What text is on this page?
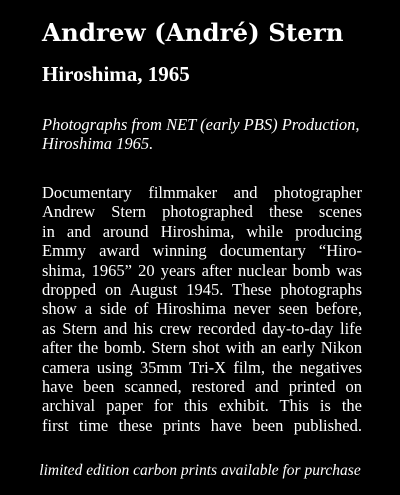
Andrew (André) Stern
Hiroshima, 1965

Photographs from NET (early PBS) Production,
Hiroshima 1965.

Documentary filmmaker and photographer
Andrew Stern photographed these scenes
in and around Hiroshima, while producing
Emmy award winning documentary “Hiro-
shima, 1965” 20 years after nuclear bomb was
dropped on August 1945. These photographs
show a side of Hiroshima never seen before,
as Stern and his crew recorded day-to-day life
after the bomb. Stern shot with an early Nikon
camera using 35mm Tri-X film, the negatives
have been scanned, restored and printed on
archival paper for this exhibit. This is the
first time these prints have been published.

limited edition carbon prints available for purchase
